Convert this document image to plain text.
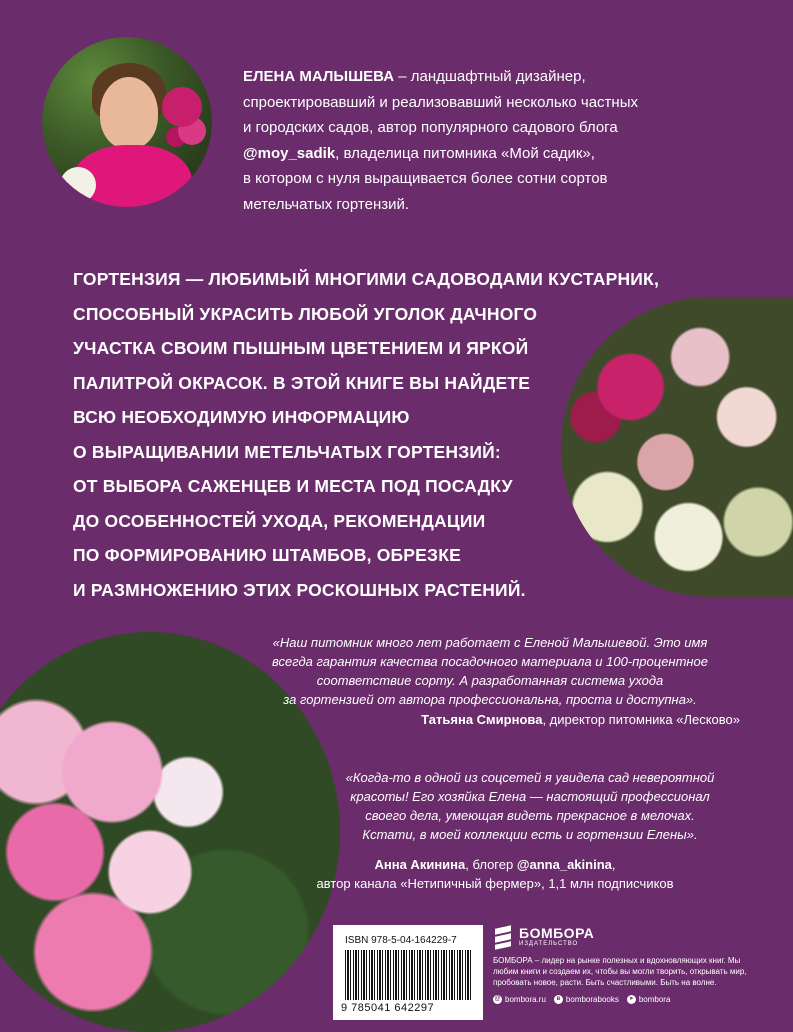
ЕЛЕНА МАЛЫШЕВА – ландшафтный дизайнер,
спроектировавший и реализовавший несколько частных
и городских садов, автор популярного садового блога
@moy_sadik, владелица питомника «Мой садик»,
в котором с нуля выращивается более сотни сортов
метельчатых гортензий.
ГОРТЕНЗИЯ — ЛЮБИМЫЙ МНОГИМИ САДОВОДАМИ КУСТАРНИК,
СПОСОБНЫЙ УКРАСИТЬ ЛЮБОЙ УГОЛОК ДАЧНОГО
УЧАСТКА СВОИМ ПЫШНЫМ ЦВЕТЕНИЕМ И ЯРКОЙ
ПАЛИТРОЙ ОКРАСОК. В ЭТОЙ КНИГЕ ВЫ НАЙДЕТЕ
ВСЮ НЕОБХОДИМУЮ ИНФОРМАЦИЮ
О ВЫРАЩИВАНИИ МЕТЕЛЬЧАТЫХ ГОРТЕНЗИЙ:
ОТ ВЫБОРА САЖЕНЦЕВ И МЕСТА ПОД ПОСАДКУ
ДО ОСОБЕННОСТЕЙ УХОДА, РЕКОМЕНДАЦИИ
ПО ФОРМИРОВАНИЮ ШТАМБОВ, ОБРЕЗКЕ
И РАЗМНОЖЕНИЮ ЭТИХ РОСКОШНЫХ РАСТЕНИЙ.
«Наш питомник много лет работает с Еленой Малышевой. Это имя
всегда гарантия качества посадочного материала и 100-процентное
соответствие сорту. А разработанная система ухода
за гортензией от автора профессиональна, проста и доступна».
Татьяна Смирнова, директор питомника «Лесково»
«Когда-то в одной из соцсетей я увидела сад невероятной
красоты! Его хозяйка Елена — настоящий профессионал
своего дела, умеющая видеть прекрасное в мелочах.
Кстати, в моей коллекции есть и гортензии Елены».
Анна Акинина, блогер @anna_akinina,
автор канала «Нетипичный фермер», 1,1 млн подписчиков
ISBN 978-5-04-164229-7
9 785041 642297
БОМБОРА
ИЗДАТЕЛЬСТВО
БОМБОРА – лидер на рынке полезных и вдохновляющих книг. Мы любим книги и создаем их, чтобы вы могли творить, открывать мир, пробовать новое, расти. Быть счастливыми. Быть на волне.
@ bombora.ru	в bomborabooks	➤ bombora
